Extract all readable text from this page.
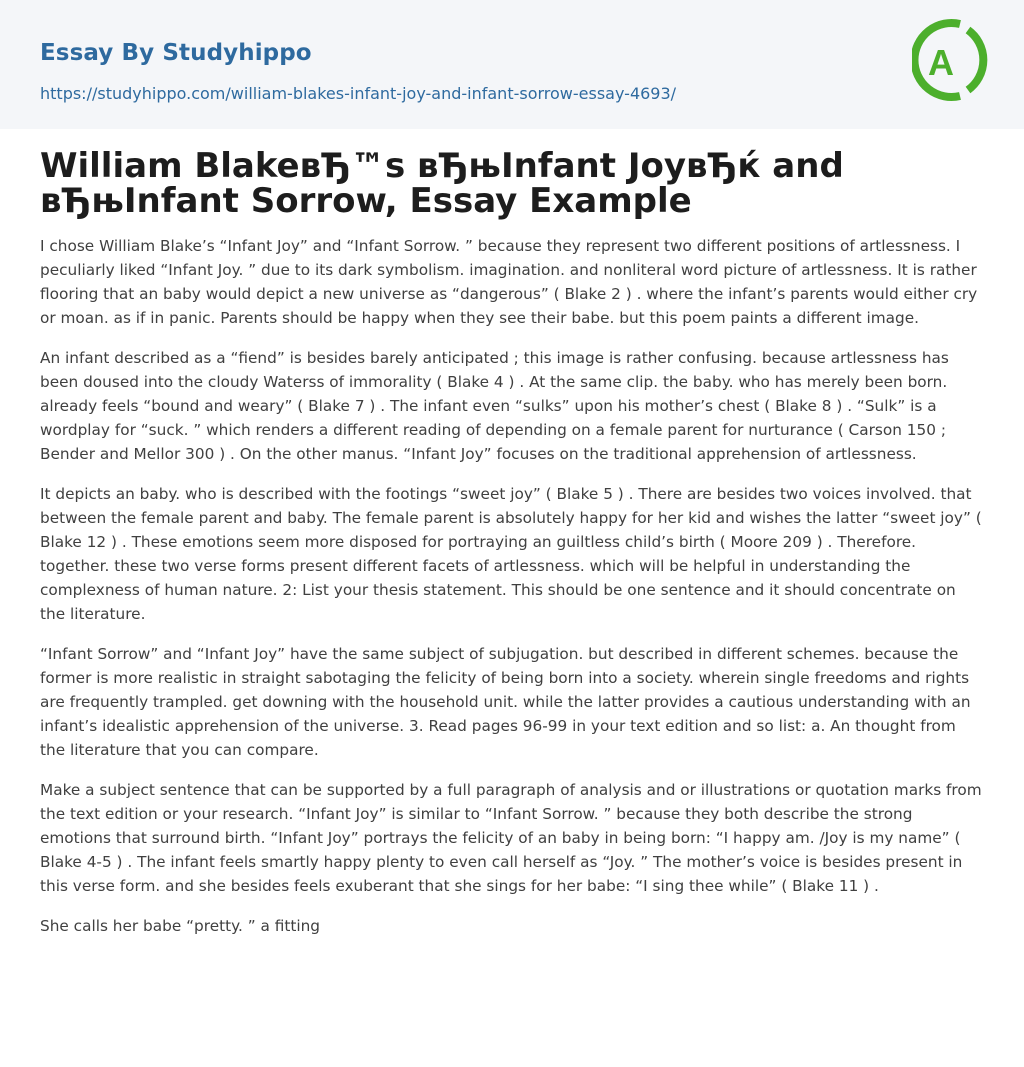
Essay By Studyhippo
https://studyhippo.com/william-blakes-infant-joy-and-infant-sorrow-essay-4693/
A
William BlakeвЂ™s вЂњInfant JoyвЂќ and вЂњInfant Sorrow, Essay Example

I chose William Blake’s “Infant Joy” and “Infant Sorrow. ” because they represent two different positions of artlessness. I peculiarly liked “Infant Joy. ” due to its dark symbolism. imagination. and nonliteral word picture of artlessness. It is rather flooring that an baby would depict a new universe as “dangerous” ( Blake 2 ) . where the infant’s parents would either cry or moan. as if in panic. Parents should be happy when they see their babe. but this poem paints a different image.

An infant described as a “fiend” is besides barely anticipated ; this image is rather confusing. because artlessness has been doused into the cloudy Waterss of immorality ( Blake 4 ) . At the same clip. the baby. who has merely been born. already feels “bound and weary” ( Blake 7 ) . The infant even “sulks” upon his mother’s chest ( Blake 8 ) . “Sulk” is a wordplay for “suck. ” which renders a different reading of depending on a female parent for nurturance ( Carson 150 ; Bender and Mellor 300 ) . On the other manus. “Infant Joy” focuses on the traditional apprehension of artlessness.

It depicts an baby. who is described with the footings “sweet joy” ( Blake 5 ) . There are besides two voices involved. that between the female parent and baby. The female parent is absolutely happy for her kid and wishes the latter “sweet joy” ( Blake 12 ) . These emotions seem more disposed for portraying an guiltless child’s birth ( Moore 209 ) . Therefore. together. these two verse forms present different facets of artlessness. which will be helpful in understanding the complexness of human nature. 2: List your thesis statement. This should be one sentence and it should concentrate on the literature.

“Infant Sorrow” and “Infant Joy” have the same subject of subjugation. but described in different schemes. because the former is more realistic in straight sabotaging the felicity of being born into a society. wherein single freedoms and rights are frequently trampled. get downing with the household unit. while the latter provides a cautious understanding with an infant’s idealistic apprehension of the universe. 3. Read pages 96-99 in your text edition and so list: a. An thought from the literature that you can compare.

Make a subject sentence that can be supported by a full paragraph of analysis and or illustrations or quotation marks from the text edition or your research. “Infant Joy” is similar to “Infant Sorrow. ” because they both describe the strong emotions that surround birth. “Infant Joy” portrays the felicity of an baby in being born: “I happy am. /Joy is my name” ( Blake 4-5 ) . The infant feels smartly happy plenty to even call herself as “Joy. ” The mother’s voice is besides present in this verse form. and she besides feels exuberant that she sings for her babe: “I sing thee while” ( Blake 11 ) .

She calls her babe “pretty. ” a fitting
